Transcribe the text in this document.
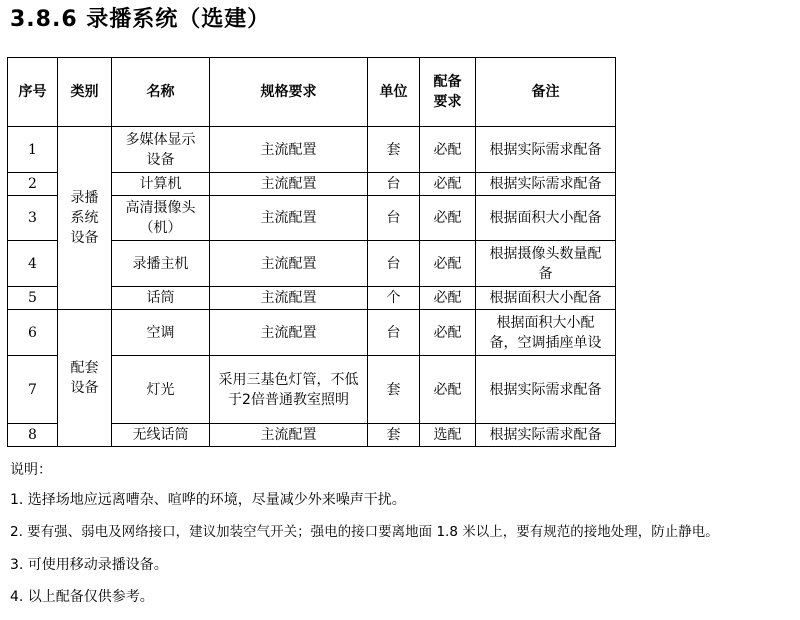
3.8.6 录播系统（选建）
序号	类别	名称	规格要求	单位	配备要求	备注
1	录播系统设备	多媒体显示设备	主流配置	套	必配	根据实际需求配备
2		计算机	主流配置	台	必配	根据实际需求配备
3		高清摄像头（机）	主流配置	台	必配	根据面积大小配备
4		录播主机	主流配置	台	必配	根据摄像头数量配备
5		话筒	主流配置	个	必配	根据面积大小配备
6	配套设备	空调	主流配置	台	必配	根据面积大小配备，空调插座单设
7		灯光	采用三基色灯管，不低于2倍普通教室照明	套	必配	根据实际需求配备
8		无线话筒	主流配置	套	选配	根据实际需求配备
说明：
1. 选择场地应远离嘈杂、喧哗的环境，尽量减少外来噪声干扰。
2. 要有强、弱电及网络接口，建议加装空气开关；强电的接口要离地面 1.8 米以上，要有规范的接地处理，防止静电。
3. 可使用移动录播设备。
4. 以上配备仅供参考。
